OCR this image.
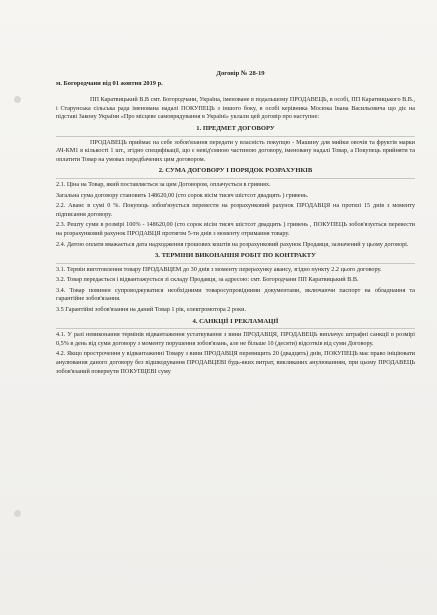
Договір № 28-19
м. Богородчани від 01 жовтня 2019 р.

ПП Каратвицький В.В смт. Богородчани, Україна, іменоване в подальшому ПРОДАВЕЦЬ, в особі, ПП Каратвицького В.В., і Старунська сільська рада іменована надалі ПОКУПЕЦЬ з іншого боку, в особі керівника Мосюка Івана Васильовича що діє на підставі Закону України «Про місцеве самоврядування в Україні» уклали цей договір про наступне:

1. ПРЕДМЕТ ДОГОВОРУ

ПРОДАВЕЦЬ приймає на себе зобов'язання передати у власність покупцю - Машину для мийки овочів та фруктів марки АЧ-КМ1 в кількості 1 шт., згідно специфікації, що є невід'ємною частиною договору, іменовану надалі Товар, а Покупець прийняти та оплатити Товар на умовах передбачених цим договором.

2. СУМА ДОГОВОРУ І ПОРЯДОК РОЗРАХУНКІВ

2.1. Ціна на Товар, який поставляється за цим Договором, оплачується в гривнях.

Загальна сума договору становить 148620,00 (сто сорок вісім тисяч шістсот двадцять ) гривень.

2.2. Аванс в сумі 0 %. Покупець зобов'язується перевести на розрахунковий рахунок ПРОДАВЦЯ на протязі 15 днів з моменту підписання договору.

2.3. Решту суми в розмірі 100% - 148620,00 (сто сорок вісім тисяч шістсот двадцять ) гривень , ПОКУПЕЦЬ зобов'язується перевести на розрахунковий рахунок ПРОДАВЦЯ протягом 5-ти днів з моменту отримання товару.

2.4. Датою оплати вважається дата надходження грошових коштів на розрахунковий рахунок Продавця, зазначений у цьому договорі.

3. ТЕРМІНИ ВИКОНАННЯ РОБІТ ПО КОНТРАКТУ

3.1. Термін виготовлення товару ПРОДАВЦЕМ до 30 днів з моменту перерахунку авансу, згідно пункту 2.2 цього договору.

3.2. Товар передається і відвантажується зі складу Продавця, за адресою: смт. Богородчани ПП Каратвицький В.В.

3.4. Товар повинен супроводжуватися необхідними товаросупровідними документами, включаючи паспорт на обладнання та гарантійне зобов'язання.

3.5 Гарантійні зобов'язання на даний Товар 1 рік, електромотора 2 роки.

4. САНКЦІЇ І РЕКЛАМАЦІЇ

4.1. У разі невиконання термінів відвантаження устаткування з вини ПРОДАВЦЯ, ПРОДАВЕЦЬ виплачує штрафні санкції в розмірі 0,5% в день від суми договору з моменту порушення зобов'язань, але не більше 10 (десяти) відсотків від суми Договору.

4.2. Якщо прострочення у відвантаженні Товару з вини ПРОДАВЦЯ перевищить 20 (двадцять) днів, ПОКУПЕЦЬ має право ініціювати анулювання даного договору без відшкодування ПРОДАВЦЕВІ будь-яких витрат, викликаних анулюванням, при цьому ПРОДАВЕЦЬ зобов'язаний повернути ПОКУПЦЕВІ суму
